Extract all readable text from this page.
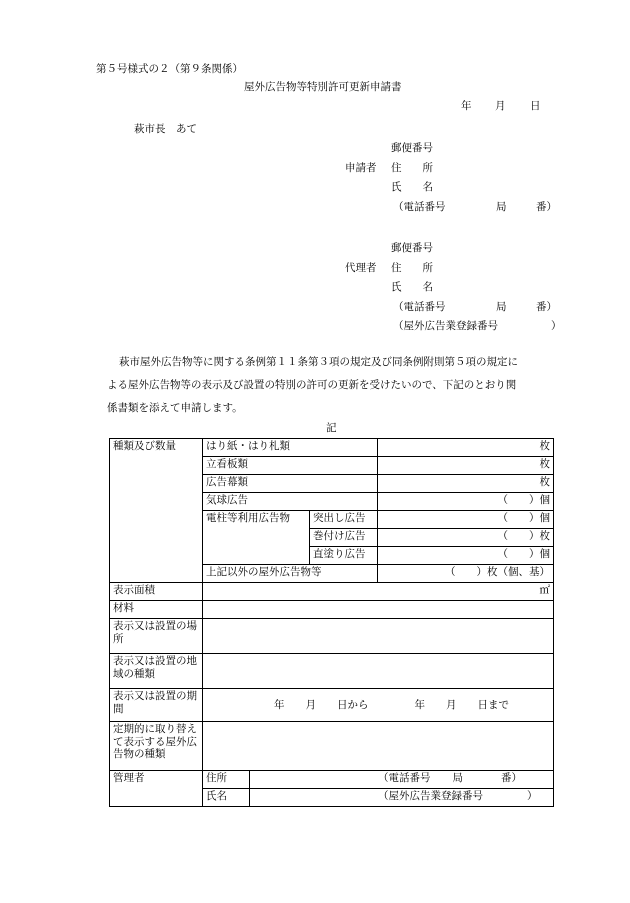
第５号様式の２（第９条関係）
屋外広告物等特別許可更新申請書
年 月 日
萩市長　あて
郵便番号
申請者 住　　所
氏　　名
（電話番号	局	番）
郵便番号
代理者 住　　所
氏　　名
（電話番号	局	番）
（屋外広告業登録番号	）
萩市屋外広告物等に関する条例第１１条第３項の規定及び同条例附則第５項の規定に
よる屋外広告物等の表示及び設置の特別の許可の更新を受けたいので、下記のとおり関
係書類を添えて申請します。
記
種類及び数量	はり紙・はり札類			枚
	立看板類			枚
	広告幕類			枚
	気球広告			（　　）個
	電柱等利用広告物		突出し広告	（　　）個
			巻付け広告	（　　）枚
			直塗り広告	（　　）個
	上記以外の屋外広告物等			（　　）枚（個、基）
表示面積	㎡			
材料				
表示又は設置の場所				
表示又は設置の地域の種類				
表示又は設置の期間	年　　月　　日から 年　　月　　日まで			
定期的に取り替えて表示する屋外広告物の種類				
管理者	住所	（電話番号 局 番）		
	氏名	（屋外広告業登録番号 ）		
